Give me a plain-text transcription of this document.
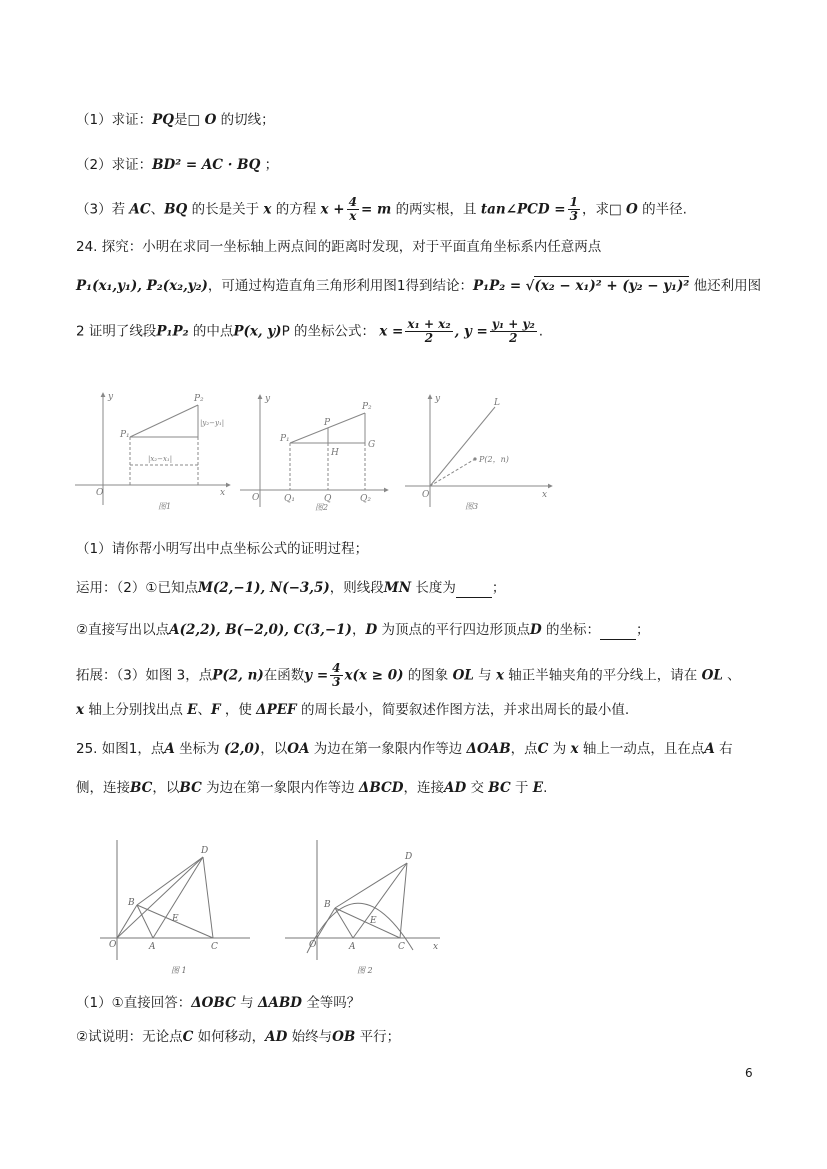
（1）求证：PQ是□ O 的切线；
（2）求证：BD² = AC · BQ ；
（3）若 AC、BQ 的长是关于 x 的方程 $x + \frac{4}{x} = m$ 的两实根，且 tan∠PCD = $\frac{1}{3}$ ，求□ O 的半径.
24. 探究：小明在求同一坐标轴上两点间的距离时发现，对于平面直角坐标系内任意两点
P₁(x₁,y₁), P₂(x₂,y₂)，可通过构造直角三角形利用图1得到结论：P₁P₂ = √(x₂ − x₁)² + (y₂ − y₁)² 他还利用图
2 证明了线段P₁P₂ 的中点P(x, y)P 的坐标公式： $x = \frac{\text{x₁ + x₂}}{2}$ , $y = \frac{\text{y₁ + y₂}}{2}$ .
O	x
y
P₁
P₂
|y₂−y₁|
|x₂−x₁|
图1
O
y
P₁
P
P₂
G
H
Q₁	Q	Q₂
图2
O	x
y	L
P(2，n)
图3
（1）请你帮小明写出中点坐标公式的证明过程；
运用：（2）①已知点M(2,−1), N(−3,5)，则线段MN 长度为	；
②直接写出以点A(2,2), B(−2,0), C(3,−1)，D 为顶点的平行四边形顶点D 的坐标：	；
拓展：（3）如图 3，点P(2, n)在函数$y = \frac{4}{3} x(x \ge 0)$ 的图象 OL 与 x 轴正半轴夹角的平分线上，请在 OL 、
x 轴上分别找出点 E、F ，使 ΔPEF 的周长最小，简要叙述作图方法，并求出周长的最小值.
25. 如图1，点A 坐标为 (2,0)，以OA 为边在第一象限内作等边 ΔOAB，点C 为 x 轴上一动点，且在点A 右
侧，连接BC，以BC 为边在第一象限内作等边 ΔBCD，连接AD 交 BC 于 E.
O	A
B
C
D
E
图 1
O	A
B
C
D
E
x
图 2
（1）①直接回答：ΔOBC 与 ΔABD 全等吗？
②试说明：无论点C 如何移动，AD 始终与OB 平行；
6
